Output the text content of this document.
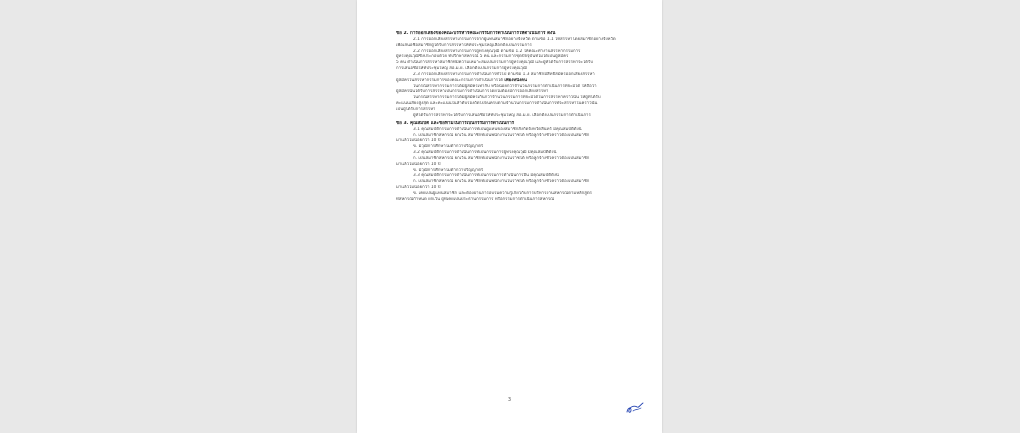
ข้อ 2. การออกเสียงของคณะบรรหารคณะกรรมการดำเนินการให้ดำเนินการ ดังนี้
2.1 การออกเสียงสรรหาเกรรมการจากผู้แทนสมาชิกอย่างจังหวัด ตามข้อ 1.1 ให้สรรหาโดยสมาชิกอย่างจังหวัด
เพื่อเสนอชื่อสมาชิกผู้ได้รับการสรรหาให้ที่ประชุมใหญ่เลือกตั้งเป็นกรรมการ
2.2 การออกเสียงสรรหาเกรรมการผู้ทรงคุณวุฒิ ตามข้อ 1.2 ให้คณะทำงานสรรหากรรมการ
ผู้ทรงคุณวุฒิซึ่งประกอบด้วย ที่ปรึกษาสหกรณ์ 5 คน และกรรมการชุดปัจจุบันที่ไม่ได้เป็นผู้สมัคร
5 คน ดำเนินการสรรหาสมาชิกที่มีความเหมาะสมเป็นกรรมการผู้ทรงคุณวุฒิ และผู้ที่ได้รับการสรรหาจะได้รับ
การเสนอชื่อให้ที่ประชุมใหญ่ สอ.ม.ย. เลือกตั้งเป็นกรรมการผู้ทรงคุณวุฒิ
2.3 การออกเสียงสรรหาเกรรมการดำเนินการทั่วไป ตามข้อ 1.3 สมาชิกมีสิทธิ์สมัครออกเสียงสรรหา
ผู้สมัครในสรรหากรรมการของคณะกรรมการดำเนินการได้ เพียงหนึ่งคน
ในกรณีสรรหากรรมการได้มีผู้สมัครเท่ากับ หรือน้อยกว่าจำนวนกรรมการดำเนินการที่จะมีได้ ให้ถือว่า
ผู้สมัครนั้นได้รับการสรรหาเป็นกรรมการดำเนินการโดยไม่ต้องมีการออกเสียงสรรหา
ในกรณีสรรหากรรมการได้มีผู้สมัครเกินกว่าจำนวนกรรมการที่จะมีได้ในการสรรหาคราวนั้น ให้ผู้ที่ได้รับ
คะแนนเสียงสูงสุด และคะแนนในลำดับรองถัดไปจนครบตามจำนวนกรรมการดำเนินการที่จะสรรหาในคราวนั้น
เป็นผู้ได้รับการสรรหา
ผู้ที่ได้รับการสรรหาจะได้รับการเสนอชื่อให้ที่ประชุมใหญ่ สอ.ม.ย. เลือกตั้งเป็นกรรมการดำเนินการ
ข้อ 3. คุณสมบัติ และข้อห้ามในการเป็นกรรมการดำเนินการ
3.1 คุณสมบัติกรรมการดำเนินการที่เป็นผู้แทนของสมาชิกสังกัดจังหวัดสินทร์ มีคุณสมบัติดังนี้
ก. เป็นสมาชิกสหกรณ์ ยกเว้น สมาชิกที่เป็นพนักงานในราชได้ หรือลูกจ้างชั่วคราวต้องเป็นสมาชิก
มาแล้วไม่น้อยกว่า 10 ปี
ข. มีวุฒิการศึกษาไม่ต่ำกว่าปริญญาตรี
3.2 คุณสมบัติกรรมการดำเนินการที่เป็นกรรมการผู้ทรงคุณวุฒิ มีคุณสมบัติดังนี้
ก. เป็นสมาชิกสหกรณ์ ยกเว้น สมาชิกที่เป็นพนักงานในราชได้ หรือลูกจ้างชั่วคราวต้องเป็นสมาชิก
มาแล้วไม่น้อยกว่า 10 ปี
ข. มีวุฒิการศึกษาไม่ต่ำกว่าปริญญาตรี
3.3 คุณสมบัติกรรมการดำเนินการที่เป็นกรรมการดำเนินการอื่น มีคุณสมบัติดังนี้
ก. เป็นสมาชิกสหกรณ์ ยกเว้น สมาชิกที่เป็นพนักงานในราชได้ หรือลูกจ้างชั่วคราวต้องเป็นสมาชิก
มาแล้วไม่น้อยกว่า 10 ปี
ข. เคยเป็นผู้แทนสมาชิก และต้องผ่านการอบรมความรู้เกี่ยวกับการบริหารงานสหกรณ์ตามหลักสูตร
ที่สหกรณ์กำหนด ยกเว้น ผู้ที่เคยเป็นประธานกรรมการ หรือกรรมการดำเนินการสหกรณ์
3
